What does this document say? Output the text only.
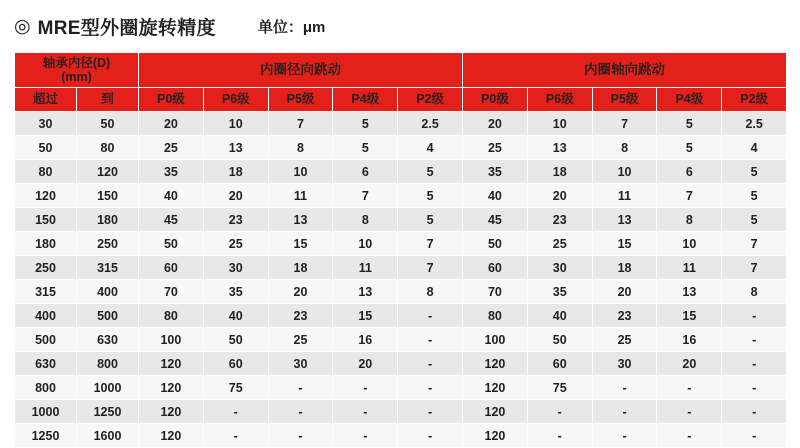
◎ MRE型外圈旋转精度	单位：μm
轴承内径(D)
(mm)		内圈径向跳动					内圈轴向跳动				
超过	到	P0级	P6级	P5级	P4级	P2级	P0级	P6级	P5级	P4级	P2级
30	50	20	10	7	5	2.5	20	10	7	5	2.5
50	80	25	13	8	5	4	25	13	8	5	4
80	120	35	18	10	6	5	35	18	10	6	5
120	150	40	20	11	7	5	40	20	11	7	5
150	180	45	23	13	8	5	45	23	13	8	5
180	250	50	25	15	10	7	50	25	15	10	7
250	315	60	30	18	11	7	60	30	18	11	7
315	400	70	35	20	13	8	70	35	20	13	8
400	500	80	40	23	15	-	80	40	23	15	-
500	630	100	50	25	16	-	100	50	25	16	-
630	800	120	60	30	20	-	120	60	30	20	-
800	1000	120	75	-	-	-	120	75	-	-	-
1000	1250	120	-	-	-	-	120	-	-	-	-
1250	1600	120	-	-	-	-	120	-	-	-	-
